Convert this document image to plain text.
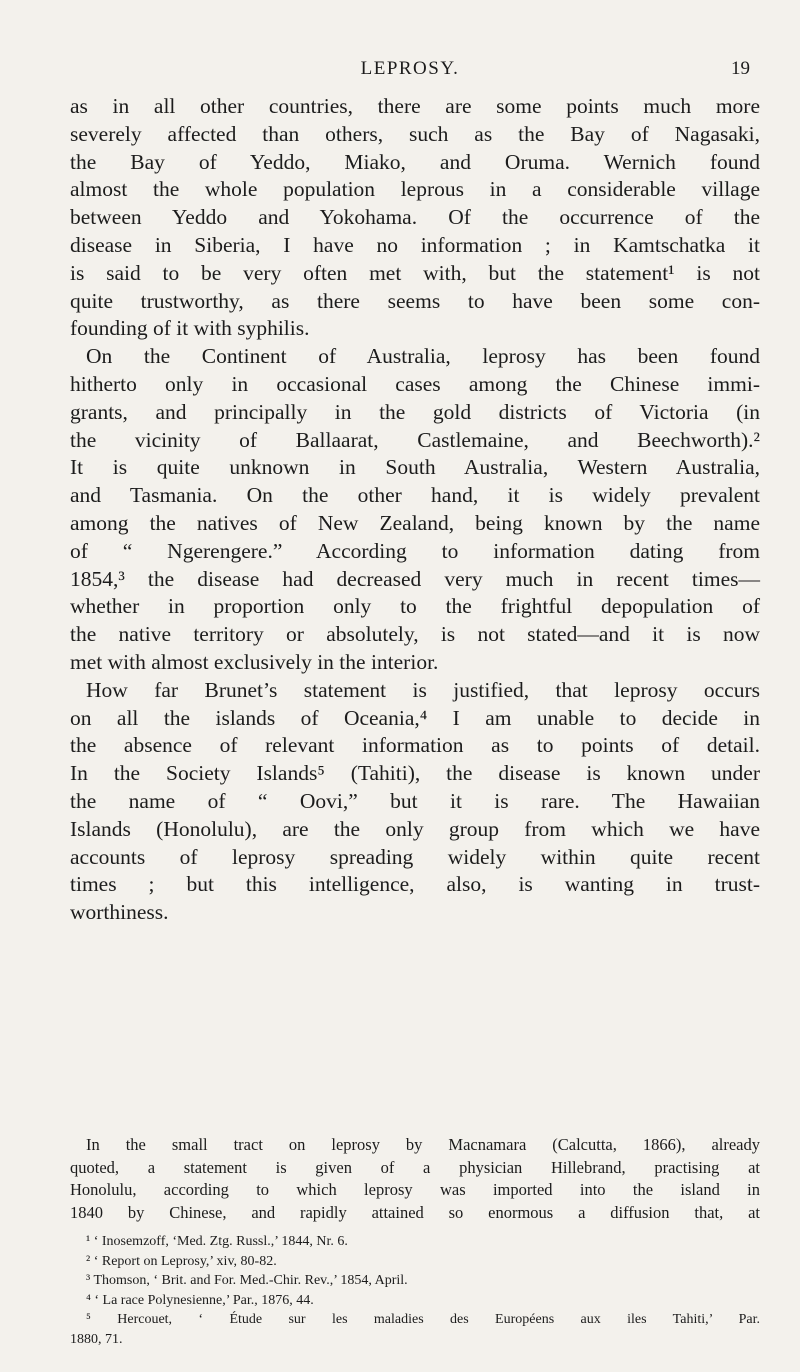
LEPROSY.	19
as in all other countries, there are some points much more
severely affected than others, such as the Bay of Nagasaki,
the Bay of Yeddo, Miako, and Oruma. Wernich found
almost the whole population leprous in a considerable village
between Yeddo and Yokohama. Of the occurrence of the
disease in Siberia, I have no information ; in Kamtschatka it
is said to be very often met with, but the statement¹ is not
quite trustworthy, as there seems to have been some con-
founding of it with syphilis.
On the Continent of Australia, leprosy has been found
hitherto only in occasional cases among the Chinese immi-
grants, and principally in the gold districts of Victoria (in
the vicinity of Ballaarat, Castlemaine, and Beechworth).²
It is quite unknown in South Australia, Western Australia,
and Tasmania. On the other hand, it is widely prevalent
among the natives of New Zealand, being known by the name
of “ Ngerengere.” According to information dating from
1854,³ the disease had decreased very much in recent times—
whether in proportion only to the frightful depopulation of
the native territory or absolutely, is not stated—and it is now
met with almost exclusively in the interior.
How far Brunet’s statement is justified, that leprosy occurs
on all the islands of Oceania,⁴ I am unable to decide in
the absence of relevant information as to points of detail.
In the Society Islands⁵ (Tahiti), the disease is known under
the name of “ Oovi,” but it is rare. The Hawaiian
Islands (Honolulu), are the only group from which we have
accounts of leprosy spreading widely within quite recent
times ; but this intelligence, also, is wanting in trust-
worthiness.
In the small tract on leprosy by Macnamara (Calcutta, 1866), already
quoted, a statement is given of a physician Hillebrand, practising at
Honolulu, according to which leprosy was imported into the island in
1840 by Chinese, and rapidly attained so enormous a diffusion that, at
¹ ‘ Inosemzoff, ‘Med. Ztg. Russl.,’ 1844, Nr. 6.
² ‘ Report on Leprosy,’ xiv, 80-82.
³ Thomson, ‘ Brit. and For. Med.-Chir. Rev.,’ 1854, April.
⁴ ‘ La race Polynesienne,’ Par., 1876, 44.
⁵ Hercouet, ‘ Étude sur les maladies des Européens aux iles Tahiti,’ Par.
1880, 71.
